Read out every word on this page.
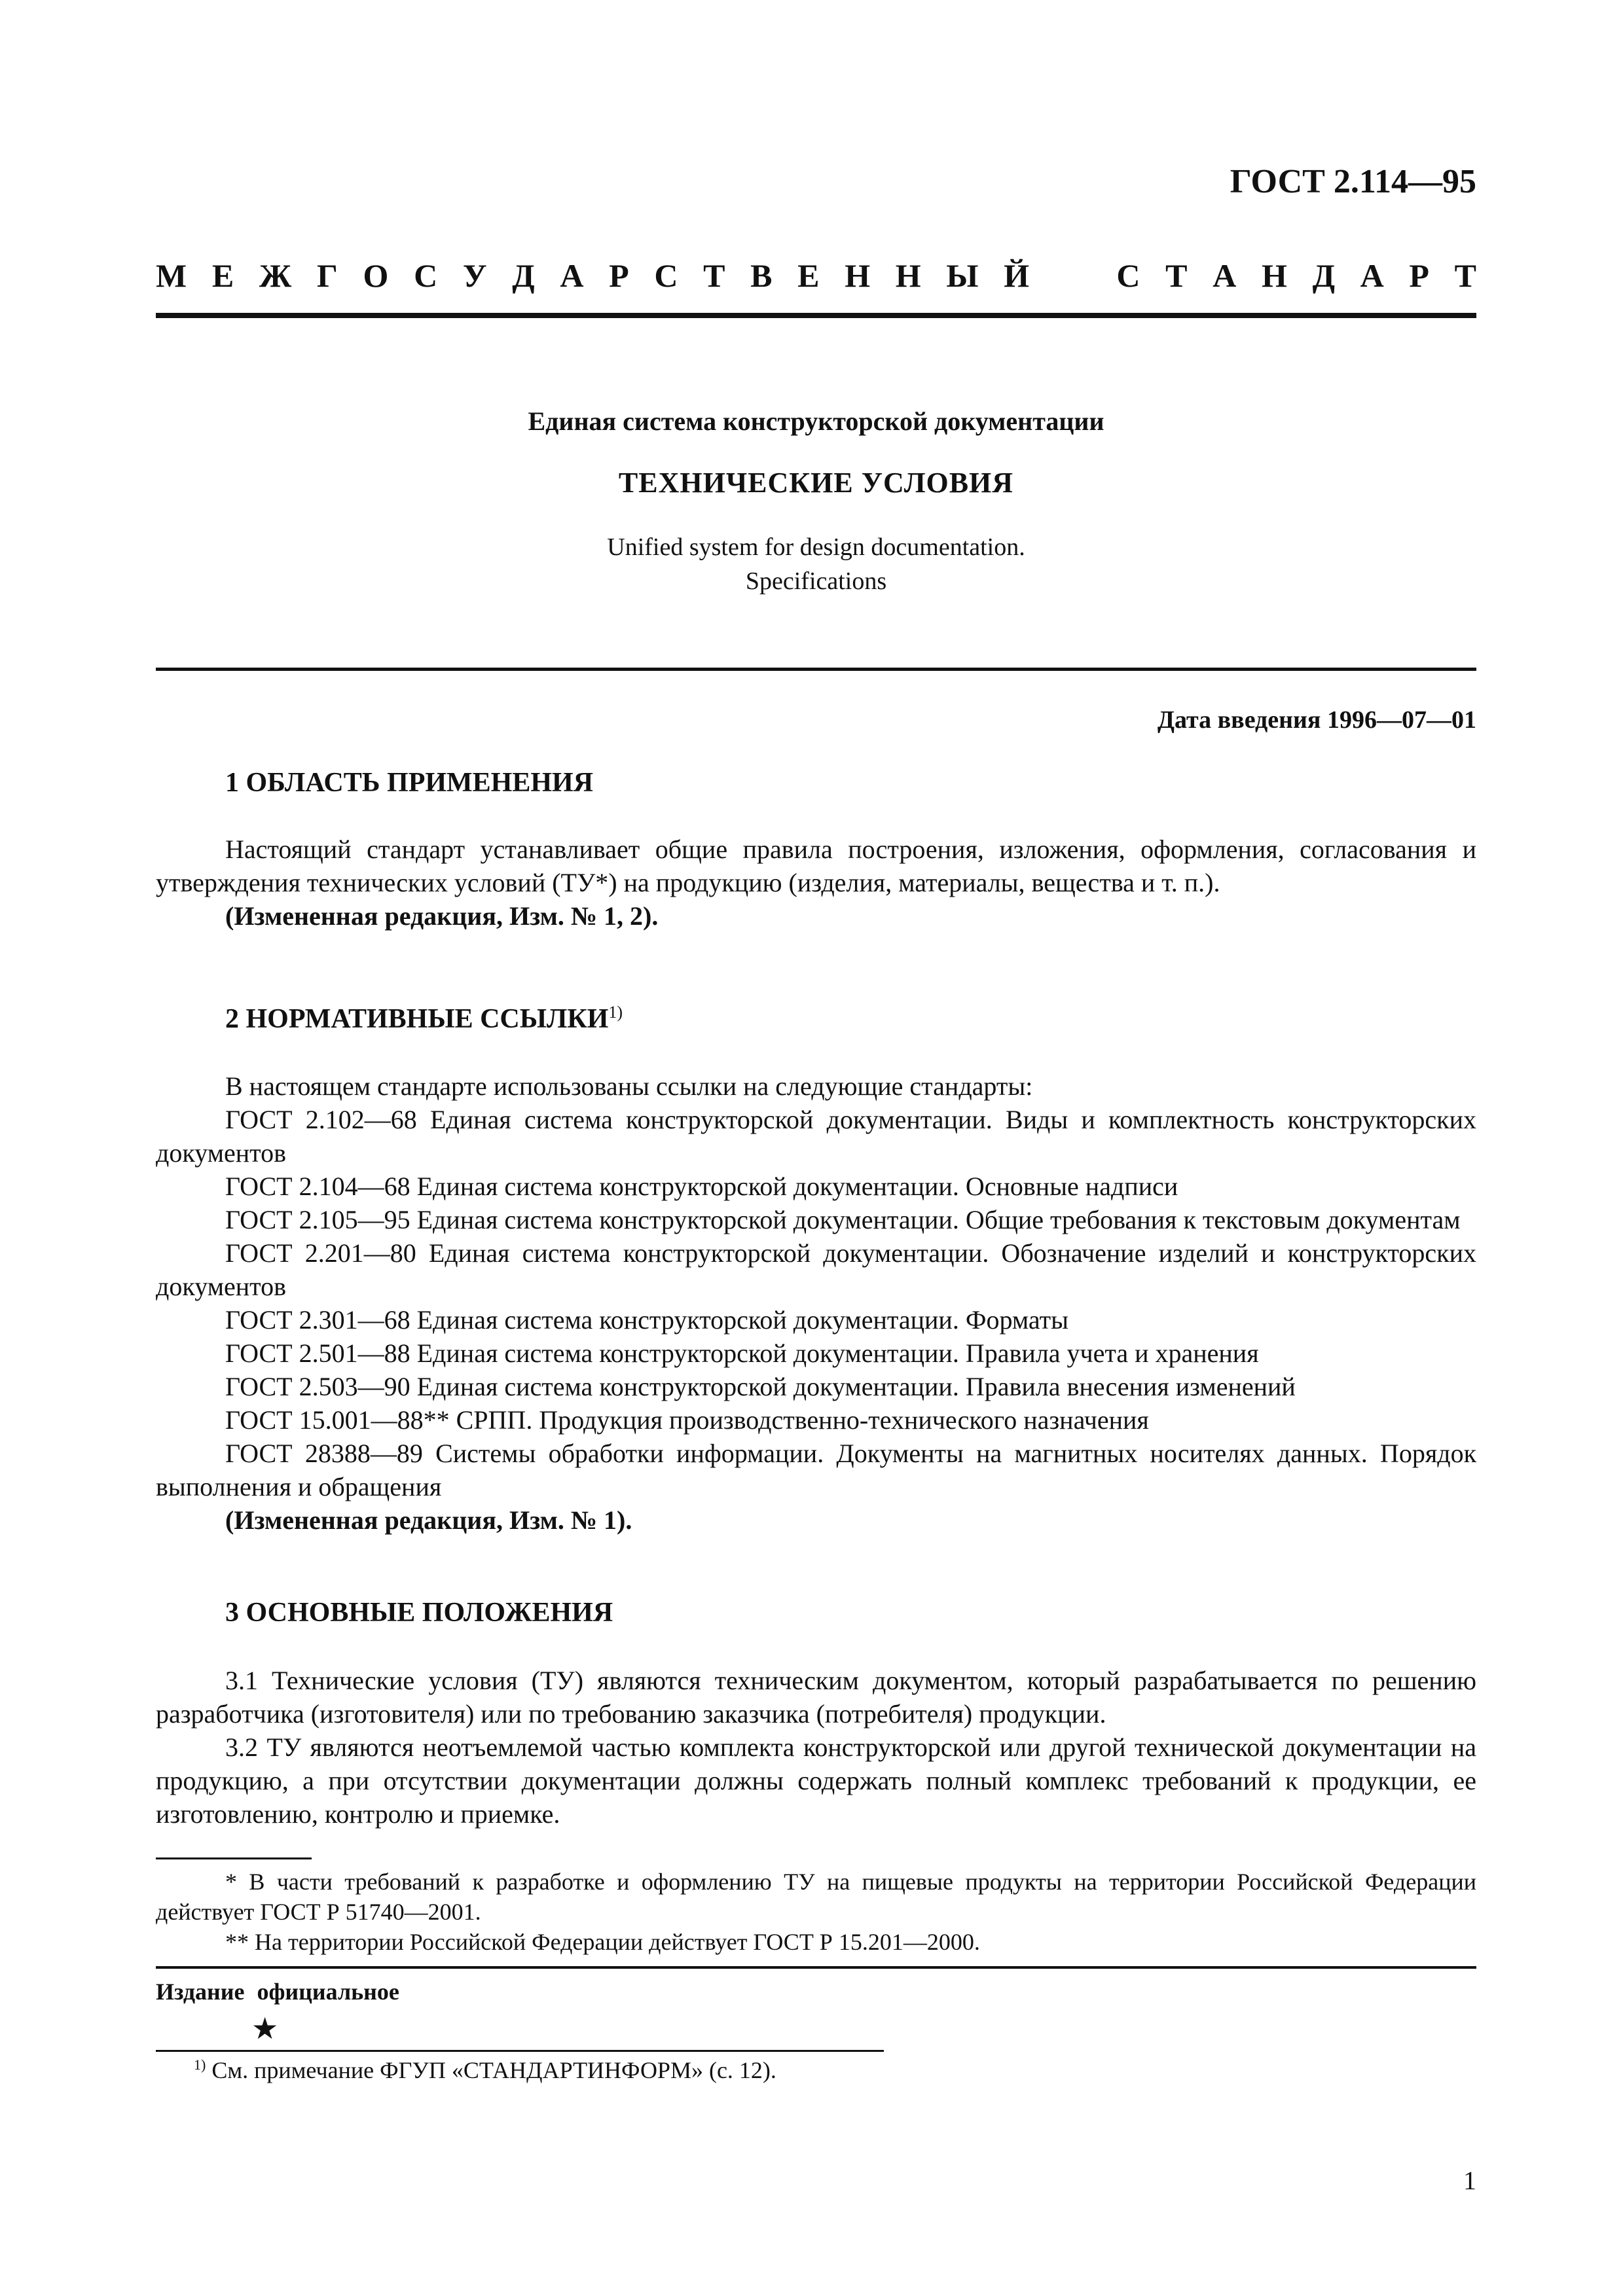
ГОСТ 2.114—95
М Е Ж Г О С У Д А Р С Т В Е Н Н Ы Й	С Т А Н Д А Р Т
Единая система конструкторской документации
ТЕХНИЧЕСКИЕ УСЛОВИЯ
Unified system for design documentation.
Specifications
Дата введения 1996—07—01
1 ОБЛАСТЬ ПРИМЕНЕНИЯ

Настоящий стандарт устанавливает общие правила построения, изложения, оформления, согласования и утверждения технических условий (ТУ*) на продукцию (изделия, материалы, вещества и т. п.).

(Измененная редакция, Изм. № 1, 2).

2 НОРМАТИВНЫЕ ССЫЛКИ$^{1)}$

В настоящем стандарте использованы ссылки на следующие стандарты:

ГОСТ 2.102—68 Единая система конструкторской документации. Виды и комплектность конструкторских документов

ГОСТ 2.104—68 Единая система конструкторской документации. Основные надписи

ГОСТ 2.105—95 Единая система конструкторской документации. Общие требования к текстовым документам

ГОСТ 2.201—80 Единая система конструкторской документации. Обозначение изделий и конструкторских документов

ГОСТ 2.301—68 Единая система конструкторской документации. Форматы

ГОСТ 2.501—88 Единая система конструкторской документации. Правила учета и хранения

ГОСТ 2.503—90 Единая система конструкторской документации. Правила внесения изменений

ГОСТ 15.001—88** СРПП. Продукция производственно-технического назначения

ГОСТ 28388—89 Системы обработки информации. Документы на магнитных носителях данных. Порядок выполнения и обращения

(Измененная редакция, Изм. № 1).

3 ОСНОВНЫЕ ПОЛОЖЕНИЯ

3.1 Технические условия (ТУ) являются техническим документом, который разрабатывается по решению разработчика (изготовителя) или по требованию заказчика (потребителя) продукции.

3.2 ТУ являются неотъемлемой частью комплекта конструкторской или другой технической документации на продукцию, а при отсутствии документации должны содержать полный комплекс требований к продукции, ее изготовлению, контролю и приемке.

* В части требований к разработке и оформлению ТУ на пищевые продукты на территории Российской Федерации действует ГОСТ Р 51740—2001.

** На территории Российской Федерации действует ГОСТ Р 15.201—2000.

Издание официальное
★
$^{1)}$ См. примечание ФГУП «СТАНДАРТИНФОРМ» (с. 12).
1
